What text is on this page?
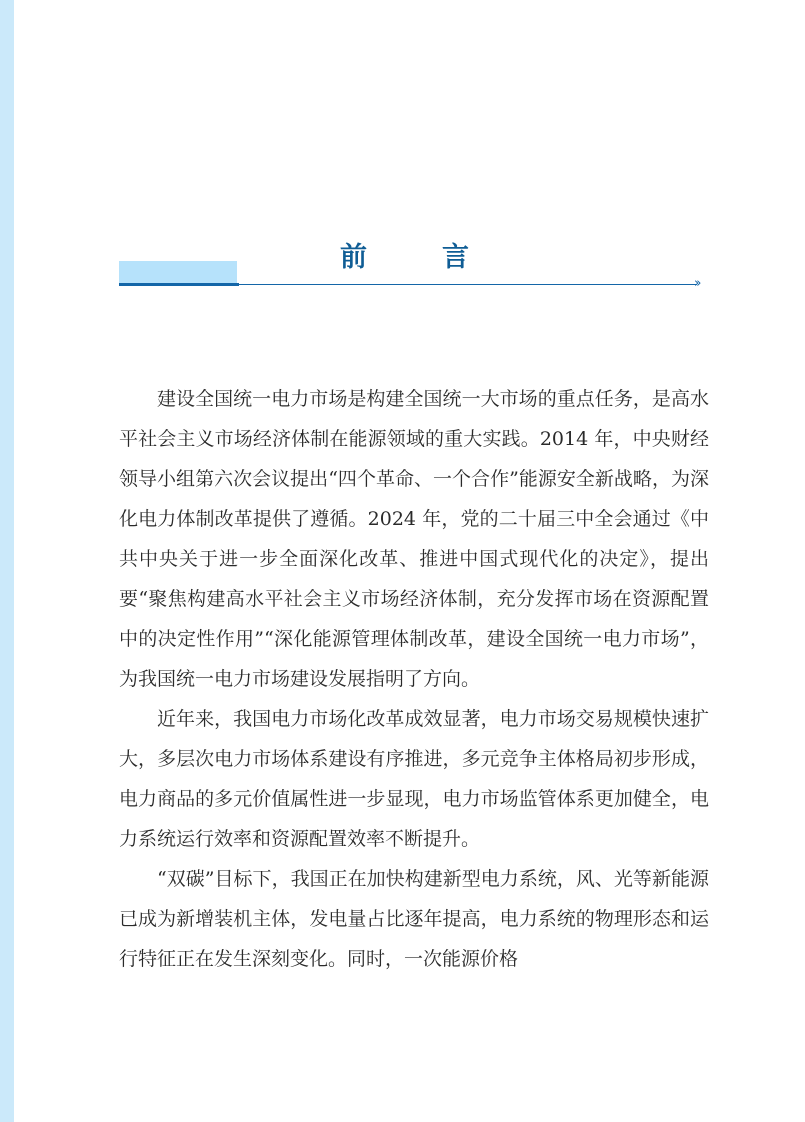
前　言
››

建设全国统一电力市场是构建全国统一大市场的重点任务，是高水平社会主义市场经济体制在能源领域的重大实践。2014 年，中央财经领导小组第六次会议提出“四个革命、一个合作”能源安全新战略，为深化电力体制改革提供了遵循。2024 年，党的二十届三中全会通过《中共中央关于进一步全面深化改革、推进中国式现代化的决定》，提出要“聚焦构建高水平社会主义市场经济体制，充分发挥市场在资源配置中的决定性作用”“深化能源管理体制改革，建设全国统一电力市场”，为我国统一电力市场建设发展指明了方向。

近年来，我国电力市场化改革成效显著，电力市场交易规模快速扩大，多层次电力市场体系建设有序推进，多元竞争主体格局初步形成，电力商品的多元价值属性进一步显现，电力市场监管体系更加健全，电力系统运行效率和资源配置效率不断提升。

“双碳”目标下，我国正在加快构建新型电力系统，风、光等新能源已成为新增装机主体，发电量占比逐年提高，电力系统的物理形态和运行特征正在发生深刻变化。同时，一次能源价格
